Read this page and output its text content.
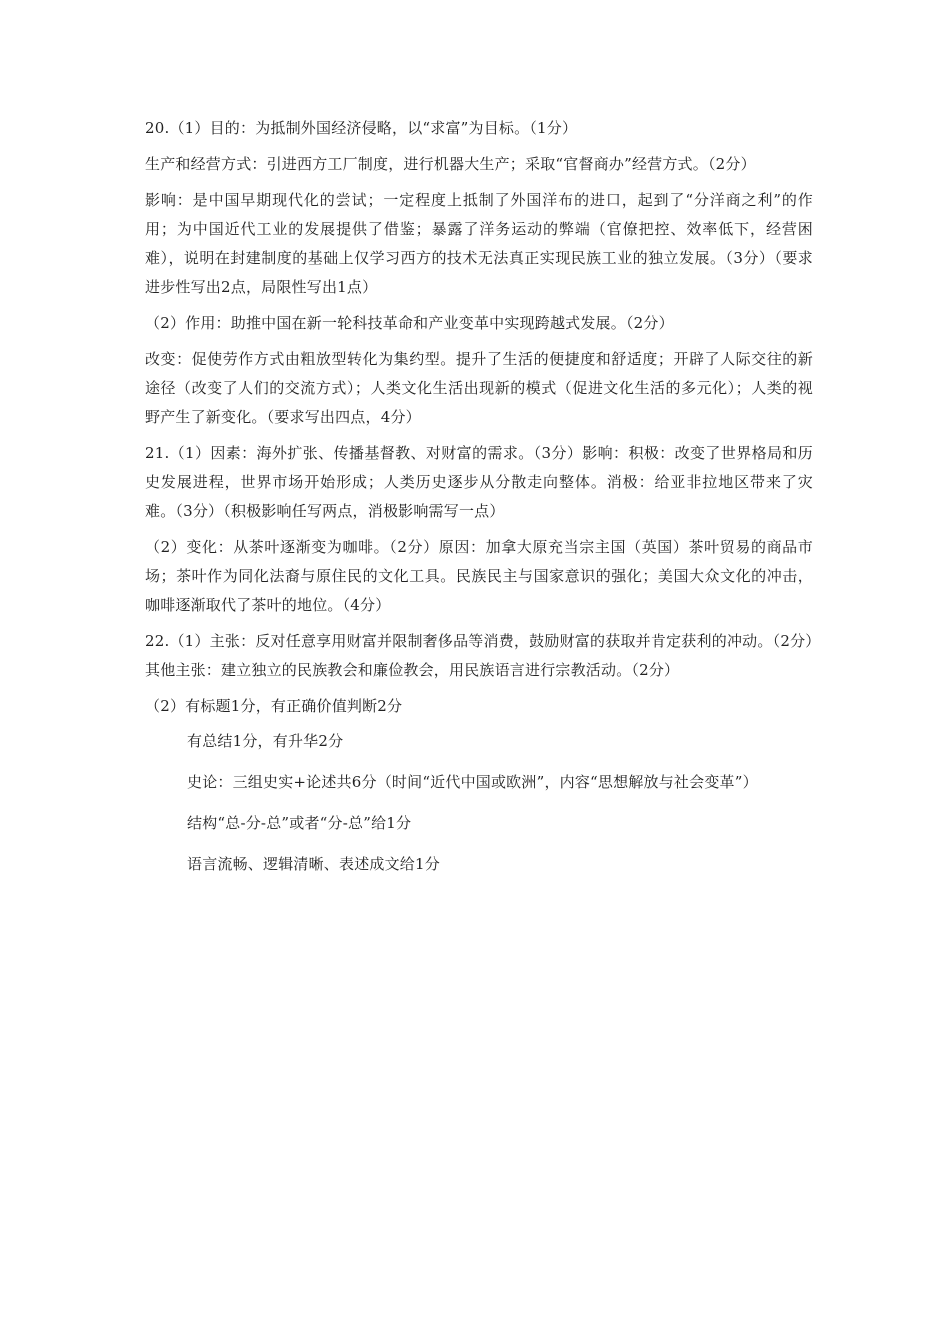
20.（1）目的：为抵制外国经济侵略，以“求富”为目标。（1分）

生产和经营方式：引进西方工厂制度，进行机器大生产；采取“官督商办”经营方式。（2分）

影响：是中国早期现代化的尝试；一定程度上抵制了外国洋布的进口，起到了“分洋商之利”的作用；为中国近代工业的发展提供了借鉴；暴露了洋务运动的弊端（官僚把控、效率低下，经营困难），说明在封建制度的基础上仅学习西方的技术无法真正实现民族工业的独立发展。（3分）（要求进步性写出2点，局限性写出1点）

（2）作用：助推中国在新一轮科技革命和产业变革中实现跨越式发展。（2分）

改变：促使劳作方式由粗放型转化为集约型。提升了生活的便捷度和舒适度；开辟了人际交往的新途径（改变了人们的交流方式）；人类文化生活出现新的模式（促进文化生活的多元化）；人类的视野产生了新变化。（要求写出四点，4分）

21.（1）因素：海外扩张、传播基督教、对财富的需求。（3分）影响：积极：改变了世界格局和历史发展进程，世界市场开始形成；人类历史逐步从分散走向整体。消极：给亚非拉地区带来了灾难。（3分）（积极影响任写两点，消极影响需写一点）

（2）变化：从茶叶逐渐变为咖啡。（2分）原因：加拿大原充当宗主国（英国）茶叶贸易的商品市场；茶叶作为同化法裔与原住民的文化工具。民族民主与国家意识的强化；美国大众文化的冲击，咖啡逐渐取代了茶叶的地位。（4分）

22.（1）主张：反对任意享用财富并限制奢侈品等消费，鼓励财富的获取并肯定获利的冲动。（2分）其他主张：建立独立的民族教会和廉俭教会，用民族语言进行宗教活动。（2分）

（2）有标题1分，有正确价值判断2分

有总结1分，有升华2分

史论：三组史实+论述共6分（时间“近代中国或欧洲”，内容“思想解放与社会变革”）

结构“总-分-总”或者“分-总”给1分

语言流畅、逻辑清晰、表述成文给1分
